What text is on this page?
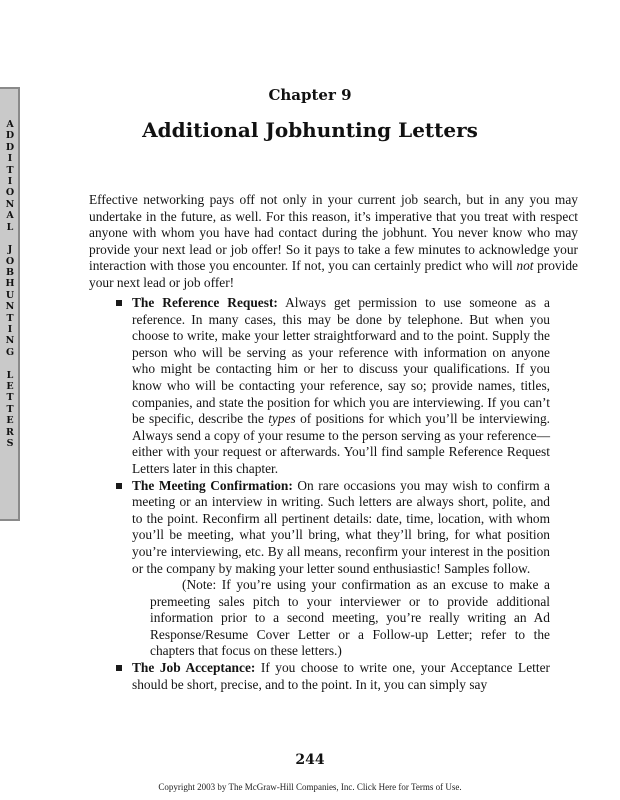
A
D
D
I
T
I
O
N
A
L
J
O
B
H
U
N
T
I
N
G
L
E
T
T
E
R
S
Chapter 9
Additional Jobhunting Letters
Effective networking pays off not only in your current job search, but in any you may undertake in the future, as well. For this reason, it’s imperative that you treat with respect anyone with whom you have had contact during the jobhunt. You never know who may provide your next lead or job offer! So it pays to take a few minutes to acknowledge your interaction with those you encounter. If not, you can certainly predict who will not provide your next lead or job offer!
The Reference Request: Always get permission to use someone as a reference. In many cases, this may be done by telephone. But when you choose to write, make your letter straightforward and to the point. Supply the person who will be serving as your reference with information on anyone who might be contacting him or her to discuss your qualifications. If you know who will be contacting your reference, say so; provide names, titles, companies, and state the position for which you are interviewing. If you can’t be specific, describe the types of positions for which you’ll be interviewing. Always send a copy of your resume to the person serving as your reference—either with your request or afterwards. You’ll find sample Reference Request Letters later in this chapter.
The Meeting Confirmation: On rare occasions you may wish to confirm a meeting or an interview in writing. Such letters are always short, polite, and to the point. Reconfirm all pertinent details: date, time, location, with whom you’ll be meeting, what you’ll bring, what they’ll bring, for what position you’re interviewing, etc. By all means, reconfirm your interest in the position or the company by making your letter sound enthusiastic! Samples follow.
(Note: If you’re using your confirmation as an excuse to make a premeeting sales pitch to your interviewer or to provide additional information prior to a second meeting, you’re really writing an Ad Response/Resume Cover Letter or a Follow-up Letter; refer to the chapters that focus on these letters.)
The Job Acceptance: If you choose to write one, your Acceptance Letter should be short, precise, and to the point. In it, you can simply say
244
Copyright 2003 by The McGraw-Hill Companies, Inc. Click Here for Terms of Use.
